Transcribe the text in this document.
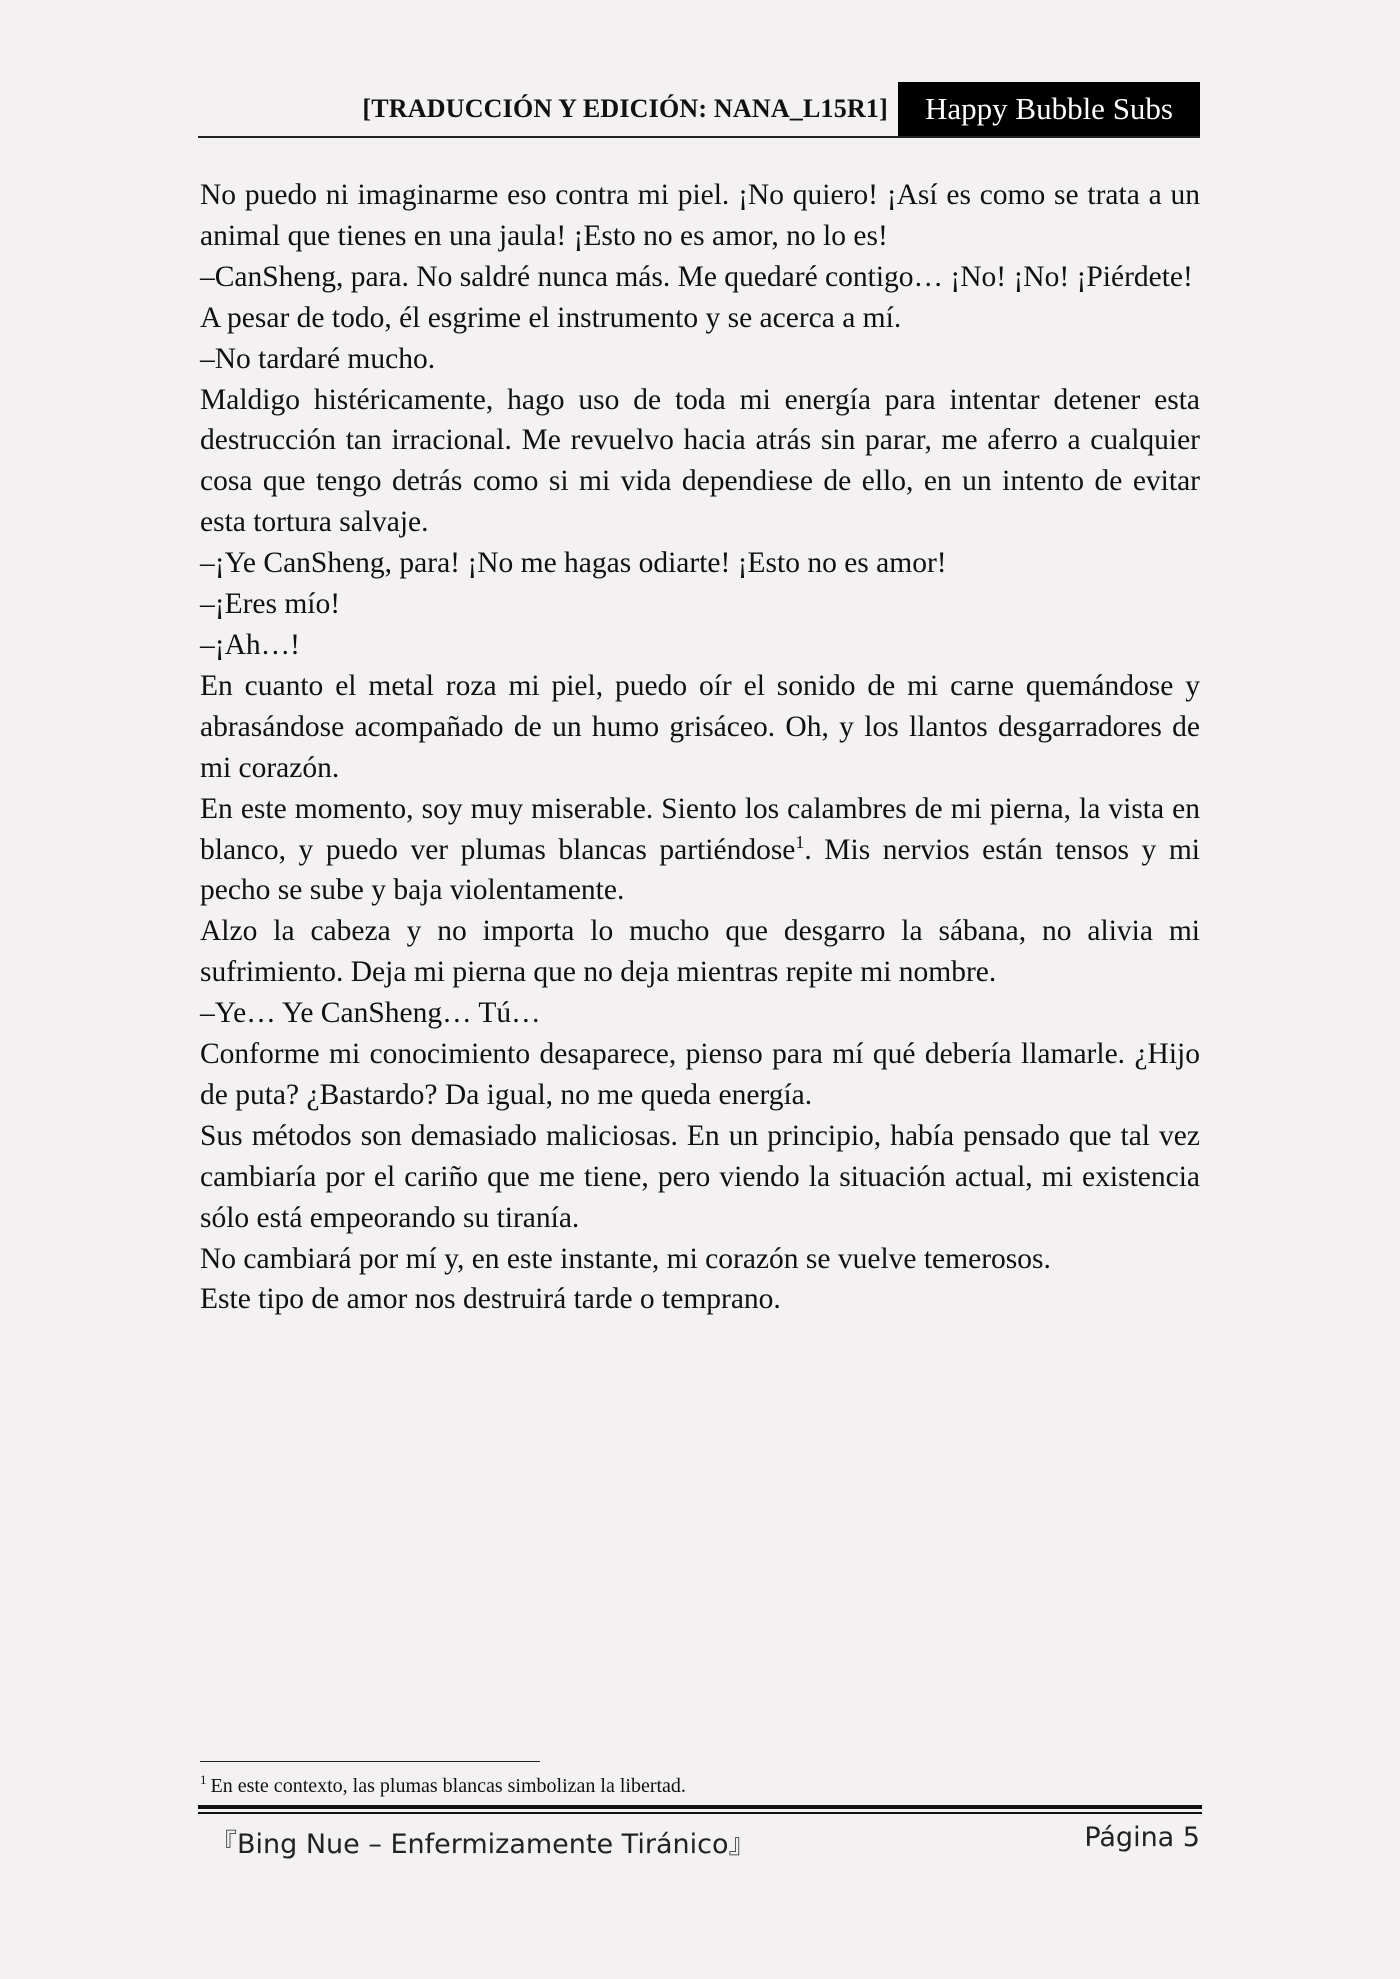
[TRADUCCIÓN Y EDICIÓN: NANA_L15R1]	Happy Bubble Subs

No puedo ni imaginarme eso contra mi piel. ¡No quiero! ¡Así es como se trata a un animal que tienes en una jaula! ¡Esto no es amor, no lo es!

–CanSheng, para. No saldré nunca más. Me quedaré contigo… ¡No! ¡No! ¡Piérdete!

A pesar de todo, él esgrime el instrumento y se acerca a mí.

–No tardaré mucho.

Maldigo histéricamente, hago uso de toda mi energía para intentar detener esta destrucción tan irracional. Me revuelvo hacia atrás sin parar, me aferro a cualquier cosa que tengo detrás como si mi vida dependiese de ello, en un intento de evitar esta tortura salvaje.

–¡Ye CanSheng, para! ¡No me hagas odiarte! ¡Esto no es amor!

–¡Eres mío!

–¡Ah…!

En cuanto el metal roza mi piel, puedo oír el sonido de mi carne quemándose y abrasándose acompañado de un humo grisáceo. Oh, y los llantos desgarradores de mi corazón.

En este momento, soy muy miserable. Siento los calambres de mi pierna, la vista en blanco, y puedo ver plumas blancas partiéndose$^1$. Mis nervios están tensos y mi pecho se sube y baja violentamente.

Alzo la cabeza y no importa lo mucho que desgarro la sábana, no alivia mi sufrimiento. Deja mi pierna que no deja mientras repite mi nombre.

–Ye… Ye CanSheng… Tú…

Conforme mi conocimiento desaparece, pienso para mí qué debería llamarle. ¿Hijo de puta? ¿Bastardo? Da igual, no me queda energía.

Sus métodos son demasiado maliciosas. En un principio, había pensado que tal vez cambiaría por el cariño que me tiene, pero viendo la situación actual, mi existencia sólo está empeorando su tiranía.

No cambiará por mí y, en este instante, mi corazón se vuelve temerosos.

Este tipo de amor nos destruirá tarde o temprano.

$^1$ En este contexto, las plumas blancas simbolizan la libertad.
『Bing Nue – Enfermizamente Tiránico』	Página 5
